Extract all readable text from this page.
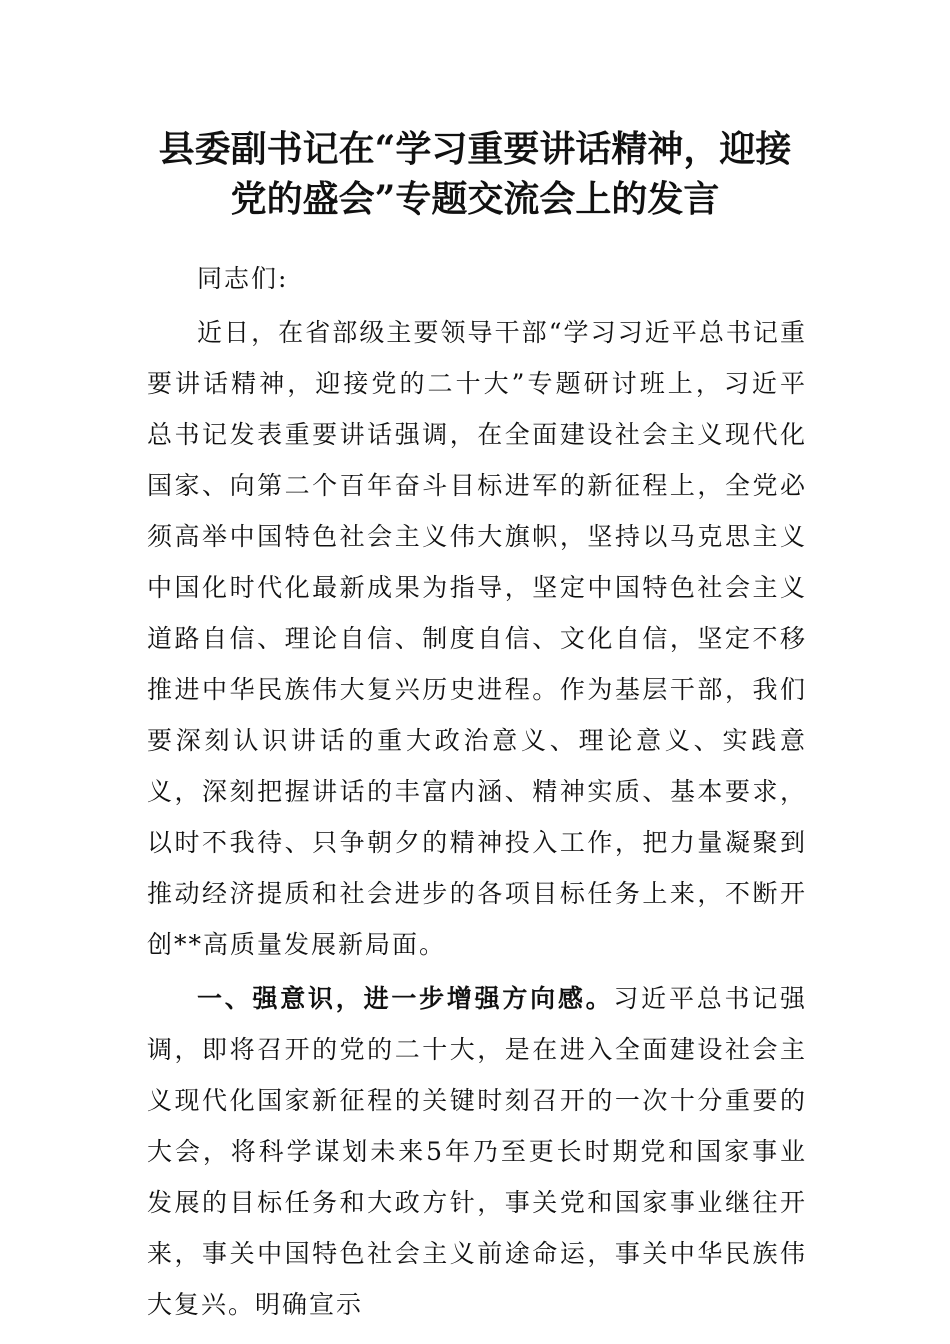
县委副书记在“学习重要讲话精神，迎接
党的盛会”专题交流会上的发言

同志们:

近日，在省部级主要领导干部“学习习近平总书记重要讲话精神，迎接党的二十大”专题研讨班上，习近平总书记发表重要讲话强调，在全面建设社会主义现代化国家、向第二个百年奋斗目标进军的新征程上，全党必须高举中国特色社会主义伟大旗帜，坚持以马克思主义中国化时代化最新成果为指导，坚定中国特色社会主义道路自信、理论自信、制度自信、文化自信，坚定不移推进中华民族伟大复兴历史进程。作为基层干部，我们要深刻认识讲话的重大政治意义、理论意义、实践意义，深刻把握讲话的丰富内涵、精神实质、基本要求，以时不我待、只争朝夕的精神投入工作，把力量凝聚到推动经济提质和社会进步的各项目标任务上来，不断开创**高质量发展新局面。

一、强意识，进一步增强方向感。习近平总书记强调，即将召开的党的二十大，是在进入全面建设社会主义现代化国家新征程的关键时刻召开的一次十分重要的大会，将科学谋划未来5年乃至更长时期党和国家事业发展的目标任务和大政方针，事关党和国家事业继往开来，事关中国特色社会主义前途命运，事关中华民族伟大复兴。明确宣示
